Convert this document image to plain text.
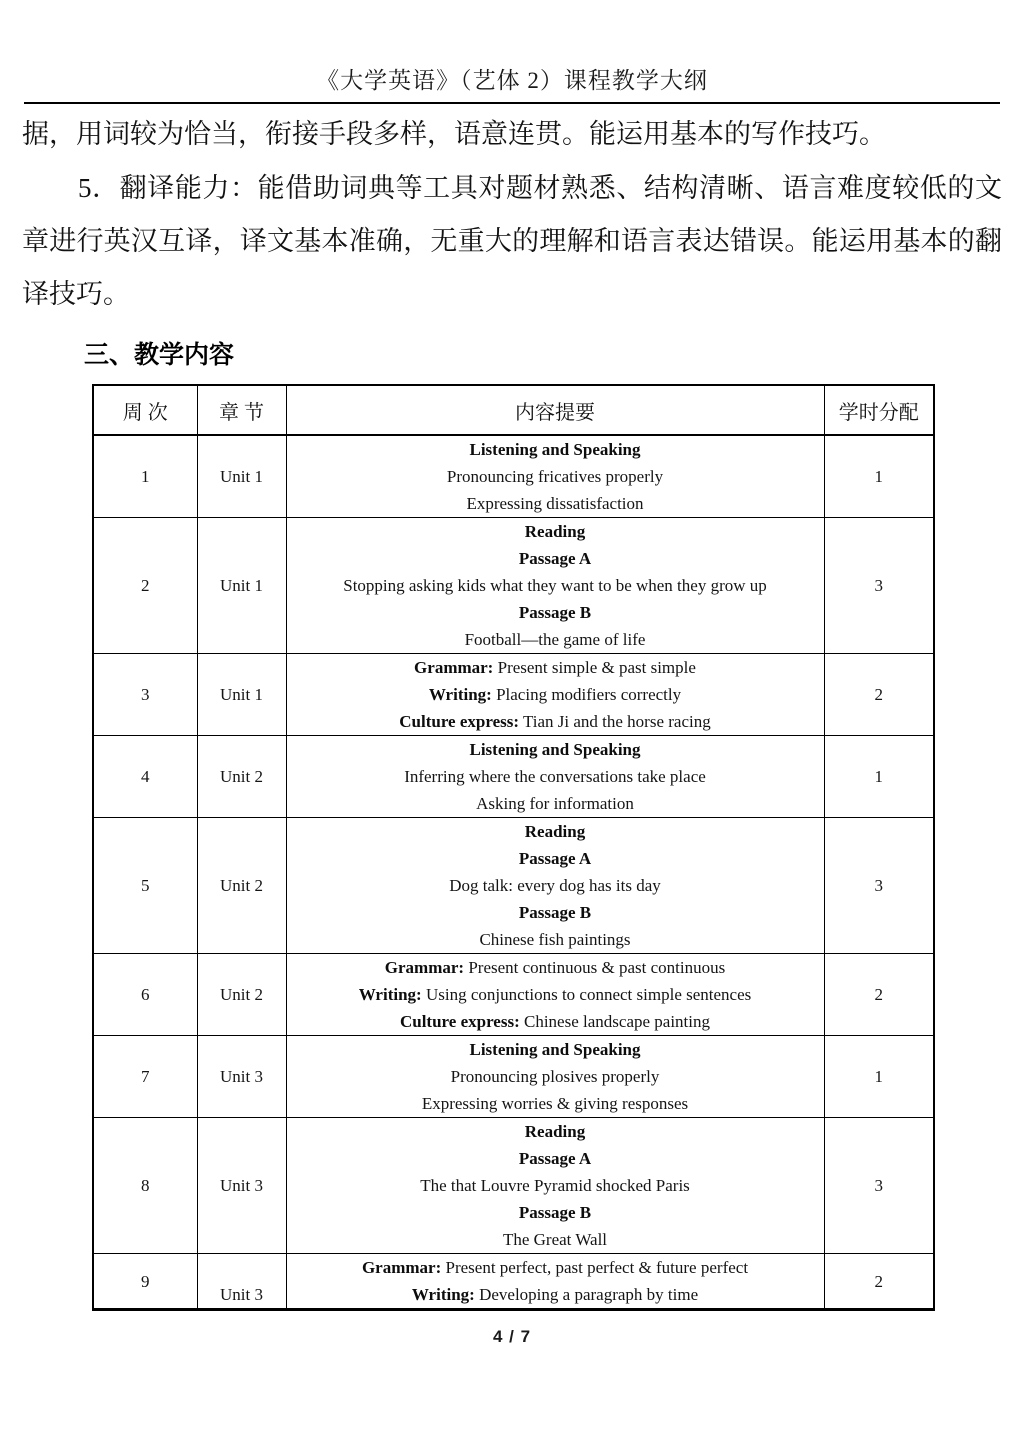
《大学英语》（艺体 2）课程教学大纲

据，用词较为恰当，衔接手段多样，语意连贯。能运用基本的写作技巧。

5．翻译能力：能借助词典等工具对题材熟悉、结构清晰、语言难度较低的文章进行英汉互译，译文基本准确，无重大的理解和语言表达错误。能运用基本的翻译技巧。

三、教学内容
周 次	章 节	内容提要	学时分配
1	Unit 1	Listening and Speaking
Pronouncing fricatives properly
Expressing dissatisfaction	1
2	Unit 1	Reading
Passage A
Stopping asking kids what they want to be when they grow up
Passage B
Football—the game of life	3
3	Unit 1	Grammar: Present simple & past simple
Writing: Placing modifiers correctly
Culture express: Tian Ji and the horse racing	2
4	Unit 2	Listening and Speaking
Inferring where the conversations take place
Asking for information	1
5	Unit 2	Reading
Passage A
Dog talk: every dog has its day
Passage B
Chinese fish paintings	3
6	Unit 2	Grammar: Present continuous & past continuous
Writing: Using conjunctions to connect simple sentences
Culture express: Chinese landscape painting	2
7	Unit 3	Listening and Speaking
Pronouncing plosives properly
Expressing worries & giving responses	1
8	Unit 3	Reading
Passage A
The that Louvre Pyramid shocked Paris
Passage B
The Great Wall	3
9	Unit 3	Grammar: Present perfect, past perfect & future perfect
Writing: Developing a paragraph by time	2
4 / 7
